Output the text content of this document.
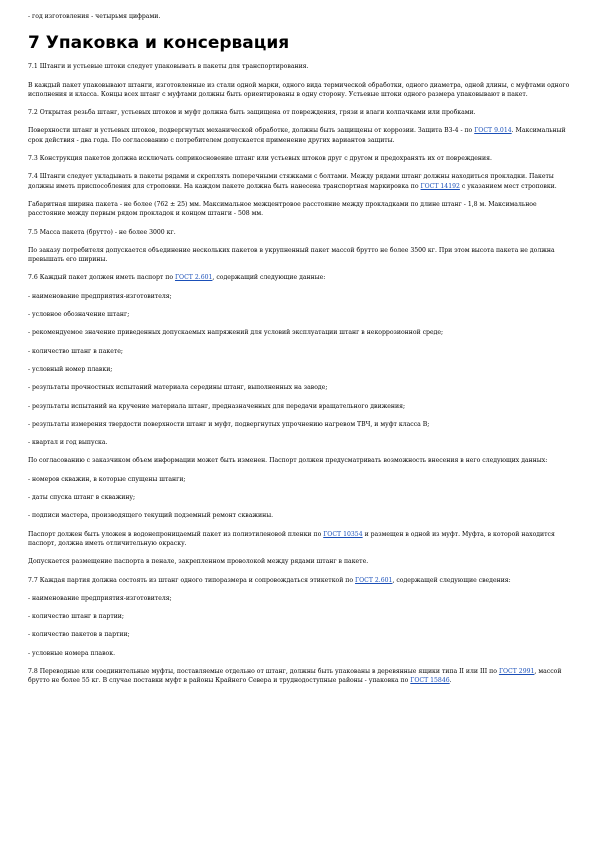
- год изготовления - четырьмя цифрами.

7 Упаковка и консервация

7.1 Штанги и устьевые штоки следует упаковывать в пакеты для транспортирования.

В каждый пакет упаковывают штанги, изготовленные из стали одной марки, одного вида термической обработки, одного диаметра, одной длины, с муфтами одного исполнения и класса. Концы всех штанг с муфтами должны быть ориентированы в одну сторону. Устьевые штоки одного размера упаковывают в пакет.

7.2 Открытая резьба штанг, устьевых штоков и муфт должна быть защищена от повреждения, грязи и влаги колпачками или пробками.

Поверхности штанг и устьевых штоков, подвергнутых механической обработке, должны быть защищены от коррозии. Защита ВЗ-4 - по ГОСТ 9.014. Максимальный срок действия - два года. По согласованию с потребителем допускается применение других вариантов защиты.

7.3 Конструкция пакетов должна исключать соприкосновение штанг или устьевых штоков друг с другом и предохранять их от повреждения.

7.4 Штанги следует укладывать в пакеты рядами и скреплять поперечными стяжками с болтами. Между рядами штанг должны находиться прокладки. Пакеты должны иметь приспособления для строповки. На каждом пакете должна быть нанесена транспортная маркировка по ГОСТ 14192 с указанием мест строповки.

Габаритная ширина пакета - не более (762 ± 25) мм. Максимальное межцентровое расстояние между прокладками по длине штанг - 1,8 м. Максимальное расстояние между первым рядом прокладок и концом штанги - 508 мм.

7.5 Масса пакета (брутто) - не более 3000 кг.

По заказу потребителя допускается объединение нескольких пакетов в укрупненный пакет массой брутто не более 3500 кг. При этом высота пакета не должна превышать его ширины.

7.6 Каждый пакет должен иметь паспорт по ГОСТ 2.601, содержащий следующие данные:

- наименование предприятия-изготовителя;

- условное обозначение штанг;

- рекомендуемое значение приведенных допускаемых напряжений для условий эксплуатации штанг в некоррозионной среде;

- количество штанг в пакете;

- условный номер плавки;

- результаты прочностных испытаний материала середины штанг, выполненных на заводе;

- результаты испытаний на кручение материала штанг, предназначенных для передачи вращательного движения;

- результаты измерения твердости поверхности штанг и муфт, подвергнутых упрочнению нагревом ТВЧ, и муфт класса В;

- квартал и год выпуска.

По согласованию с заказчиком объем информации может быть изменен. Паспорт должен предусматривать возможность внесения в него следующих данных:

- номеров скважин, в которые спущены штанги;

- даты спуска штанг в скважину;

- подписи мастера, производящего текущий подземный ремонт скважины.

Паспорт должен быть уложен в водонепроницаемый пакет из полиэтиленовой пленки по ГОСТ 10354 и размещен в одной из муфт. Муфта, в которой находится паспорт, должна иметь отличительную окраску.

Допускается размещение паспорта в пенале, закрепленном проволокой между рядами штанг в пакете.

7.7 Каждая партия должна состоять из штанг одного типоразмера и сопровождаться этикеткой по ГОСТ 2.601, содержащей следующие сведения:

- наименование предприятия-изготовителя;

- количество штанг в партии;

- количество пакетов в партии;

- условные номера плавок.

7.8 Переводные или соединительные муфты, поставляемые отдельно от штанг, должны быть упакованы в деревянные ящики типа II или III по ГОСТ 2991, массой брутто не более 55 кг. В случае поставки муфт в районы Крайнего Севера и труднодоступные районы - упаковка по ГОСТ 15846.
